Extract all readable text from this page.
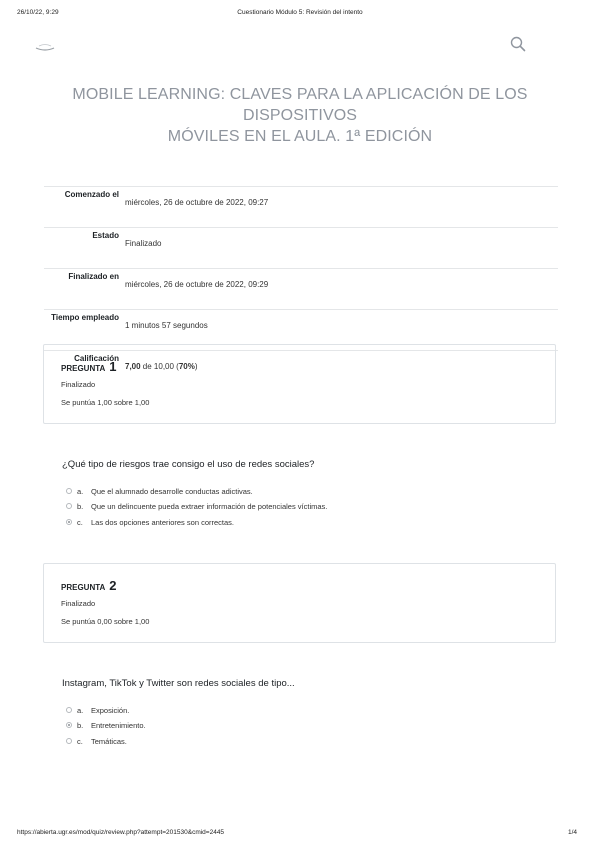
26/10/22, 9:29	Cuestionario Módulo 5: Revisión del intento
MOBILE LEARNING: CLAVES PARA LA APLICACIÓN DE LOS DISPOSITIVOS
MÓVILES EN EL AULA. 1ª EDICIÓN
Comenzado el	miércoles, 26 de octubre de 2022, 09:27
Estado	Finalizado
Finalizado en	miércoles, 26 de octubre de 2022, 09:29
Tiempo empleado	1 minutos 57 segundos
Calificación	7,00 de 10,00 (70%)
PREGUNTA 1
Finalizado
Se puntúa 1,00 sobre 1,00
¿Qué tipo de riesgos trae consigo el uso de redes sociales?
a. Que el alumnado desarrolle conductas adictivas.
b. Que un delincuente pueda extraer información de potenciales víctimas.
c. Las dos opciones anteriores son correctas.
PREGUNTA 2
Finalizado
Se puntúa 0,00 sobre 1,00
Instagram, TikTok y Twitter son redes sociales de tipo...
a. Exposición.
b. Entretenimiento.
c. Temáticas.
https://abierta.ugr.es/mod/quiz/review.php?attempt=201530&cmid=2445	1/4
